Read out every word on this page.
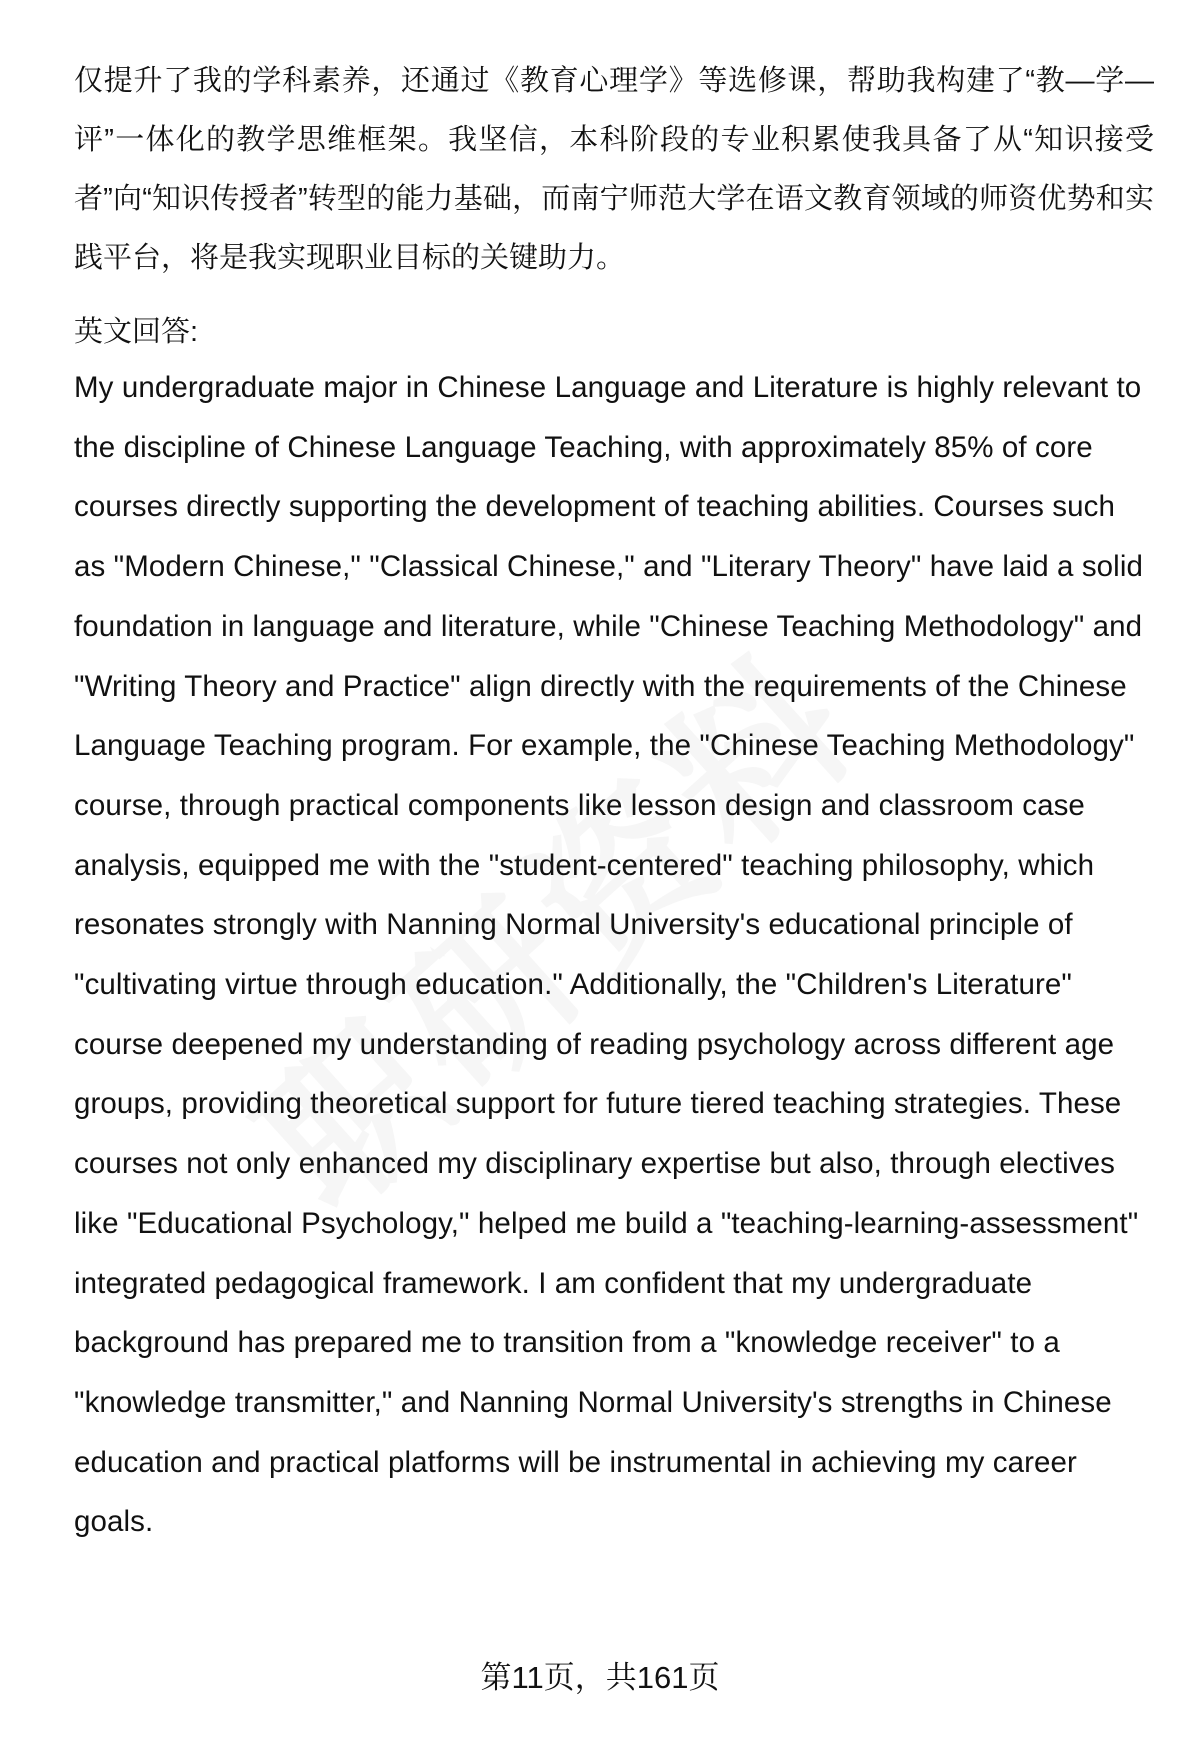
仅提升了我的学科素养，还通过《教育心理学》等选修课，帮助我构建了“教—学—评”一体化的教学思维框架。我坚信，本科阶段的专业积累使我具备了从“知识接受者”向“知识传授者”转型的能力基础，而南宁师范大学在语文教育领域的师资优势和实践平台，将是我实现职业目标的关键助力。

英文回答:

My undergraduate major in Chinese Language and Literature is highly relevant to the discipline of Chinese Language Teaching, with approximately 85% of core courses directly supporting the development of teaching abilities. Courses such as "Modern Chinese," "Classical Chinese," and "Literary Theory" have laid a solid foundation in language and literature, while "Chinese Teaching Methodology" and "Writing Theory and Practice" align directly with the requirements of the Chinese Language Teaching program. For example, the "Chinese Teaching Methodology" course, through practical components like lesson design and classroom case analysis, equipped me with the "student-centered" teaching philosophy, which resonates strongly with Nanning Normal University's educational principle of "cultivating virtue through education." Additionally, the "Children's Literature" course deepened my understanding of reading psychology across different age groups, providing theoretical support for future tiered teaching strategies. These courses not only enhanced my disciplinary expertise but also, through electives like "Educational Psychology," helped me build a "teaching-learning-assessment" integrated pedagogical framework. I am confident that my undergraduate background has prepared me to transition from a "knowledge receiver" to a "knowledge transmitter," and Nanning Normal University's strengths in Chinese education and practical platforms will be instrumental in achieving my career goals.

第11页，共161页
